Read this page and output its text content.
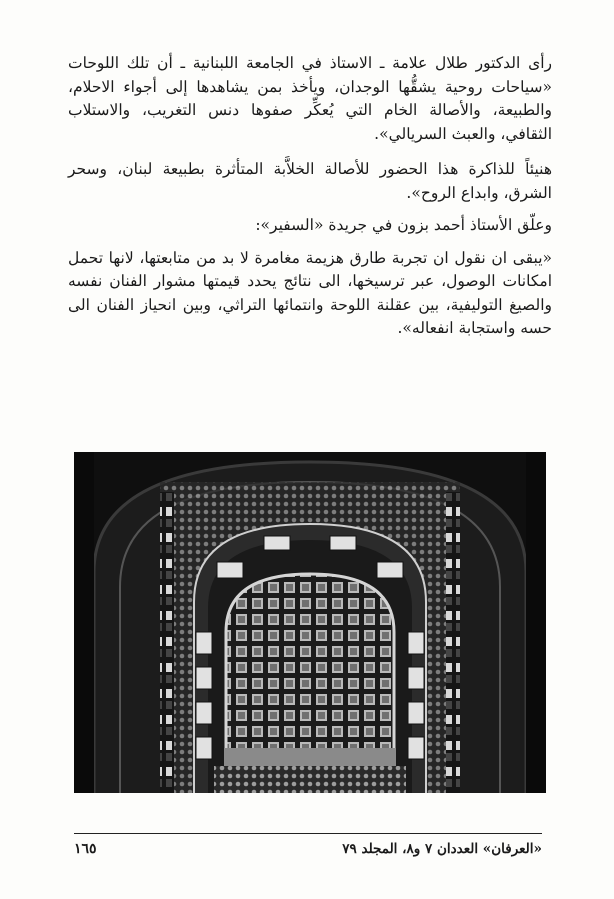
رأى الدكتور طلال علامة ـ الاستاذ في الجامعة اللبنانية ـ أن تلك اللوحات «سياحات روحية يشقُّها الوجدان، ويأخذ بمن يشاهدها إلى أجواء الاحلام، والطبيعة، والأصالة الخام التي يُعكِّر صفوها دنس التغريب، والاستلاب الثقافي، والعبث السريالي».

هنيئاً للذاكرة هذا الحضور للأصالة الخلاَّبة المتأثرة بطبيعة لبنان، وسحر الشرق، وابداع الروح».

وعلّق الأستاذ أحمد بزون في جريدة «السفير»:

«يبقى ان نقول ان تجربة طارق هزيمة مغامرة لا بد من متابعتها، لانها تحمل امكانات الوصول، عبر ترسيخها، الى نتائج يحدد قيمتها مشوار الفنان نفسه والصيغ التوليفية، بين عقلنة اللوحة وانتمائها التراثي، وبين انحياز الفنان الى حسه واستجابة انفعاله».

«العرفان» العددان ٧ و٨، المجلد ٧٩
١٦٥
